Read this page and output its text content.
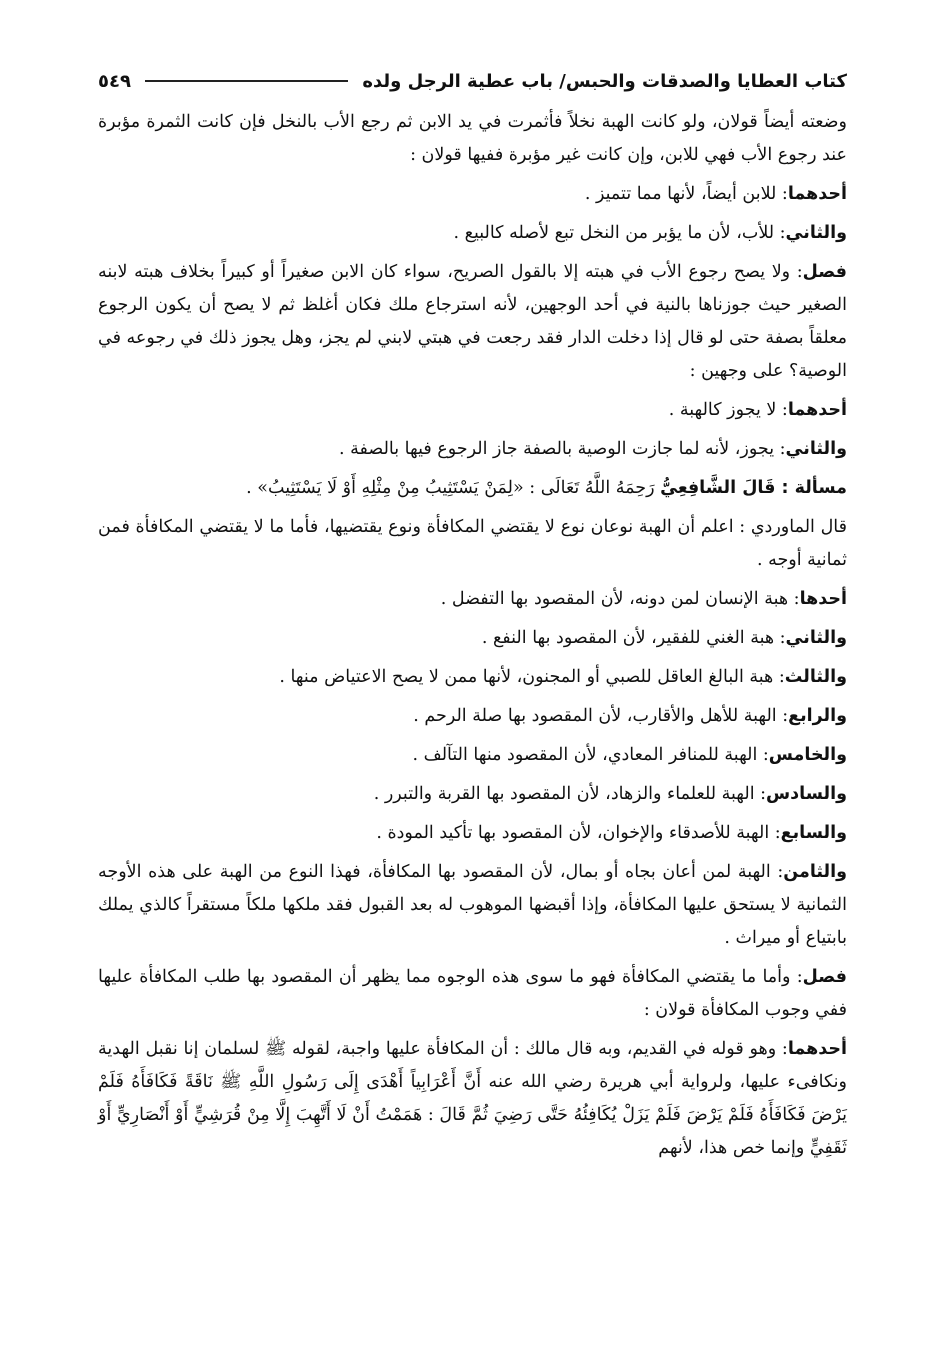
كتاب العطايا والصدقات والحبس/ باب عطية الرجل ولده
٥٤٩

وضعته أيضاً قولان، ولو كانت الهبة نخلاً فأثمرت في يد الابن ثم رجع الأب بالنخل فإن كانت الثمرة مؤبرة عند رجوع الأب فهي للابن، وإن كانت غير مؤبرة ففيها قولان :

أحدهما: للابن أيضاً، لأنها مما تتميز .

والثاني: للأب، لأن ما يؤبر من النخل تبع لأصله كالبيع .

فصل: ولا يصح رجوع الأب في هبته إلا بالقول الصريح، سواء كان الابن صغيراً أو كبيراً بخلاف هبته لابنه الصغير حيث جوزناها بالنية في أحد الوجهين، لأنه استرجاع ملك فكان أغلظ ثم لا يصح أن يكون الرجوع معلقاً بصفة حتى لو قال إذا دخلت الدار فقد رجعت في هبتي لابني لم يجز، وهل يجوز ذلك في رجوعه في الوصية؟ على وجهين :

أحدهما: لا يجوز كالهبة .

والثاني: يجوز، لأنه لما جازت الوصية بالصفة جاز الرجوع فيها بالصفة .

مسألة : قَالَ الشَّافِعِيُّ رَحِمَهُ اللَّهُ تَعَالَى : «لِمَنْ يَسْتَثِيبُ مِنْ مِثْلِهِ أَوْ لَا يَسْتَثِيبُ» .

قال الماوردي : اعلم أن الهبة نوعان نوع لا يقتضي المكافأة ونوع يقتضيها، فأما ما لا يقتضي المكافأة فمن ثمانية أوجه .

أحدها: هبة الإنسان لمن دونه، لأن المقصود بها التفضل .

والثاني: هبة الغني للفقير، لأن المقصود بها النفع .

والثالث: هبة البالغ العاقل للصبي أو المجنون، لأنها ممن لا يصح الاعتياض منها .

والرابع: الهبة للأهل والأقارب، لأن المقصود بها صلة الرحم .

والخامس: الهبة للمنافر المعادي، لأن المقصود منها التآلف .

والسادس: الهبة للعلماء والزهاد، لأن المقصود بها القربة والتبرر .

والسابع: الهبة للأصدقاء والإخوان، لأن المقصود بها تأكيد المودة .

والثامن: الهبة لمن أعان بجاه أو بمال، لأن المقصود بها المكافأة، فهذا النوع من الهبة على هذه الأوجه الثمانية لا يستحق عليها المكافأة، وإذا أقبضها الموهوب له بعد القبول فقد ملكها ملكاً مستقراً كالذي يملك بابتياع أو ميراث .

فصل: وأما ما يقتضي المكافأة فهو ما سوى هذه الوجوه مما يظهر أن المقصود بها طلب المكافأة عليها ففي وجوب المكافأة قولان :

أحدهما: وهو قوله في القديم، وبه قال مالك : أن المكافأة عليها واجبة، لقوله ﷺ لسلمان إنا نقبل الهدية ونكافىء عليها، ولرواية أبي هريرة رضي الله عنه أَنَّ أَعْرَابِياً أَهْدَى إِلَى رَسُولِ اللَّهِ ﷺ نَاقَةً فَكَافَأَهُ فَلَمْ يَرْضَ فَكَافَأَهُ فَلَمْ يَرْضَ فَلَمْ يَزَلْ يُكَافِئُهُ حَتَّى رَضِيَ ثُمَّ قَالَ : هَمَمْتُ أَنْ لَا أَتَّهِبَ إِلَّا مِنْ قُرَشِيٍّ أَوْ أَنْصَارِيٍّ أَوْ ثَقَفِيٍّ وإنما خص هذا، لأنهم
